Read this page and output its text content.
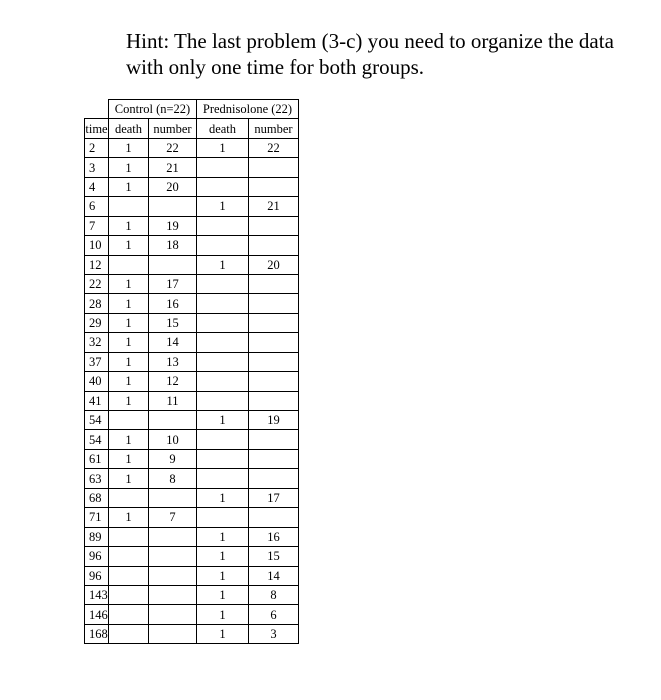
Hint: The last problem (3-c) you need to organize the data
with only one time for both groups.
	Control (n=22)		Prednisolone (22)	
time	death	number	death	number
2	1	22	1	22
3	1	21		
4	1	20		
6			1	21
7	1	19		
10	1	18		
12			1	20
22	1	17		
28	1	16		
29	1	15		
32	1	14		
37	1	13		
40	1	12		
41	1	11		
54			1	19
54	1	10		
61	1	9		
63	1	8		
68			1	17
71	1	7		
89			1	16
96			1	15
96			1	14
143			1	8
146			1	6
168			1	3
